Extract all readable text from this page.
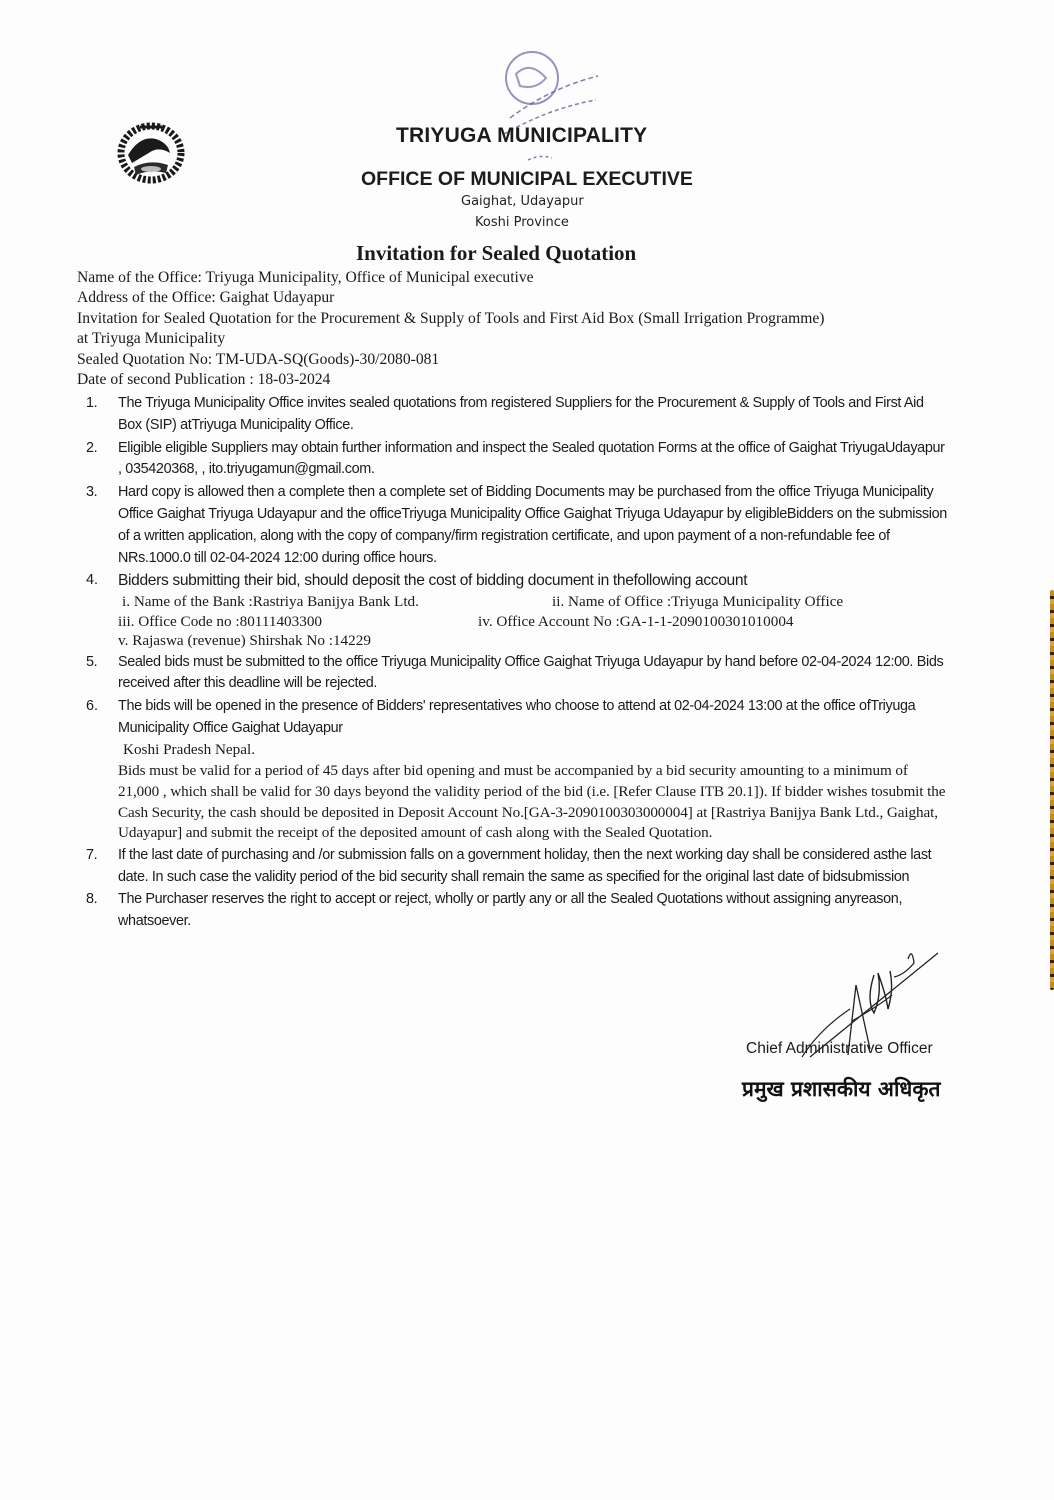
TRIYUGA MUNICIPALITY
OFFICE OF MUNICIPAL EXECUTIVE
Gaighat, Udayapur
Koshi Province
Invitation for Sealed Quotation
Name of the Office: Triyuga Municipality, Office of Municipal executive
Address of the Office: Gaighat Udayapur
Invitation for Sealed Quotation for the Procurement & Supply of Tools and First Aid Box (Small Irrigation Programme)
at Triyuga Municipality
Sealed Quotation No: TM-UDA-SQ(Goods)-30/2080-081
Date of second Publication : 18-03-2024
1. The Triyuga Municipality Office invites sealed quotations from registered Suppliers for the Procurement & Supply of Tools and First Aid Box (SIP) atTriyuga Municipality Office.

2. Eligible eligible Suppliers may obtain further information and inspect the Sealed quotation Forms at the office of Gaighat TriyugaUdayapur , 035420368, , ito.triyugamun@gmail.com.

3. Hard copy is allowed then a complete then a complete set of Bidding Documents may be purchased from the office Triyuga Municipality Office Gaighat Triyuga Udayapur and the officeTriyuga Municipality Office Gaighat Triyuga Udayapur by eligibleBidders on the submission of a written application, along with the copy of company/firm registration certificate, and upon payment of a non-refundable fee of NRs.1000.0 till 02-04-2024 12:00 during office hours.

4. Bidders submitting their bid, should deposit the cost of bidding document in thefollowing account

i. Name of the Bank :Rastriya Banijya Bank Ltd.	ii. Name of Office :Triyuga Municipality Office
iii. Office Code no :80111403300	iv. Office Account No :GA-1-1-2090100301010004
v. Rajaswa (revenue) Shirshak No :14229
5. Sealed bids must be submitted to the office Triyuga Municipality Office Gaighat Triyuga Udayapur by hand before 02-04-2024 12:00. Bids received after this deadline will be rejected.

6. The bids will be opened in the presence of Bidders' representatives who choose to attend at 02-04-2024 13:00 at the office ofTriyuga Municipality Office Gaighat Udayapur

Koshi Pradesh Nepal.

Bids must be valid for a period of 45 days after bid opening and must be accompanied by a bid security amounting to a minimum of 21,000 , which shall be valid for 30 days beyond the validity period of the bid (i.e. [Refer Clause ITB 20.1]). If bidder wishes tosubmit the Cash Security, the cash should be deposited in Deposit Account No.[GA-3-2090100303000004] at [Rastriya Banijya Bank Ltd., Gaighat, Udayapur] and submit the receipt of the deposited amount of cash along with the Sealed Quotation.

7. If the last date of purchasing and /or submission falls on a government holiday, then the next working day shall be considered asthe last date. In such case the validity period of the bid security shall remain the same as specified for the original last date of bidsubmission

8. The Purchaser reserves the right to accept or reject, wholly or partly any or all the Sealed Quotations without assigning anyreason, whatsoever.

Chief Administrative Officer
प्रमुख प्रशासकीय अधिकृत
